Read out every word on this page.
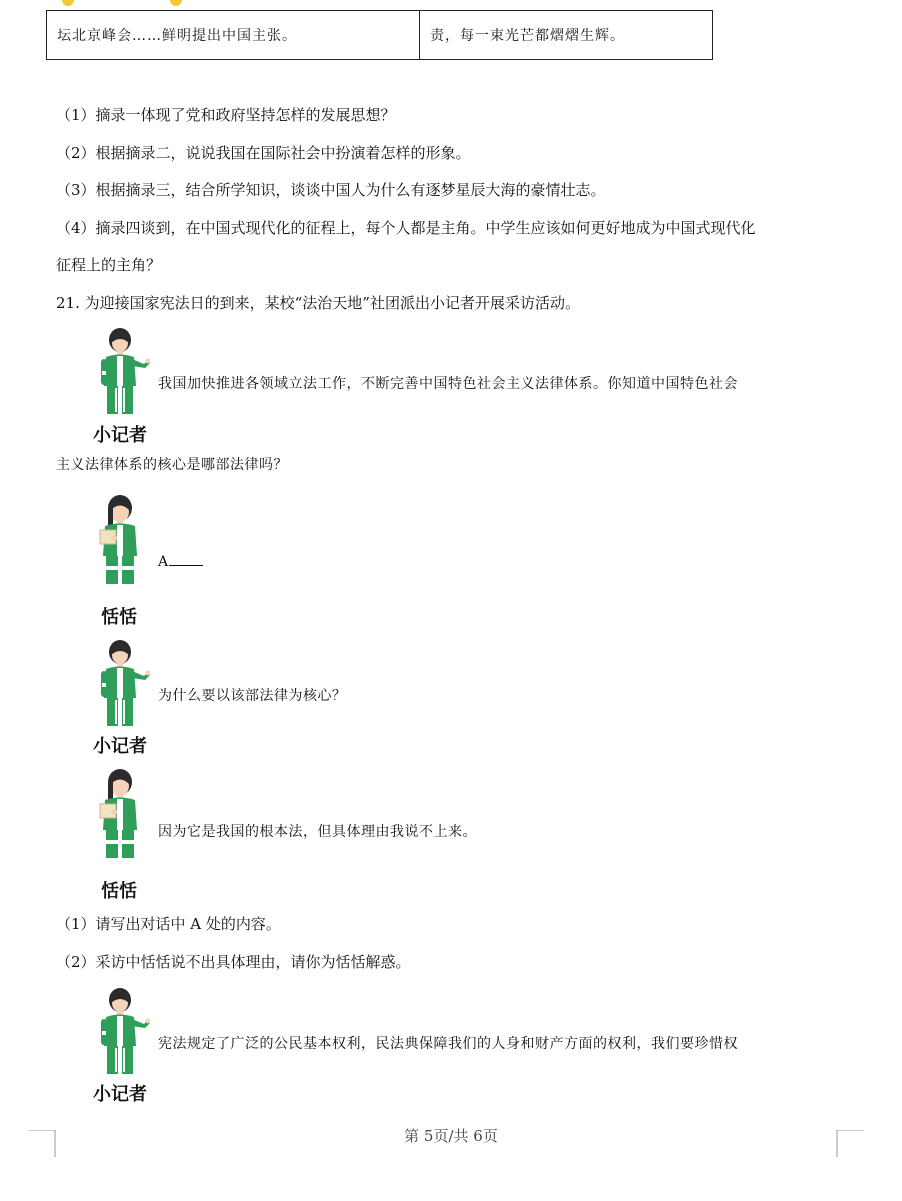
坛北京峰会……鲜明提出中国主张。	责，每一束光芒都熠熠生辉。
（1）摘录一体现了党和政府坚持怎样的发展思想？
（2）根据摘录二，说说我国在国际社会中扮演着怎样的形象。
（3）根据摘录三，结合所学知识，谈谈中国人为什么有逐梦星辰大海的豪情壮志。
（4）摘录四谈到，在中国式现代化的征程上，每个人都是主角。中学生应该如何更好地成为中国式现代化
征程上的主角？
21. 为迎接国家宪法日的到来，某校“法治天地”社团派出小记者开展采访活动。
小记者
我国加快推进各领域立法工作，不断完善中国特色社会主义法律体系。你知道中国特色社会
主义法律体系的核心是哪部法律吗？
恬恬
A
小记者
为什么要以该部法律为核心？
恬恬
因为它是我国的根本法，但具体理由我说不上来。
（1）请写出对话中 A 处的内容。
（2）采访中恬恬说不出具体理由，请你为恬恬解惑。
小记者
宪法规定了广泛的公民基本权利，民法典保障我们的人身和财产方面的权利，我们要珍惜权
第 5页/共 6页
